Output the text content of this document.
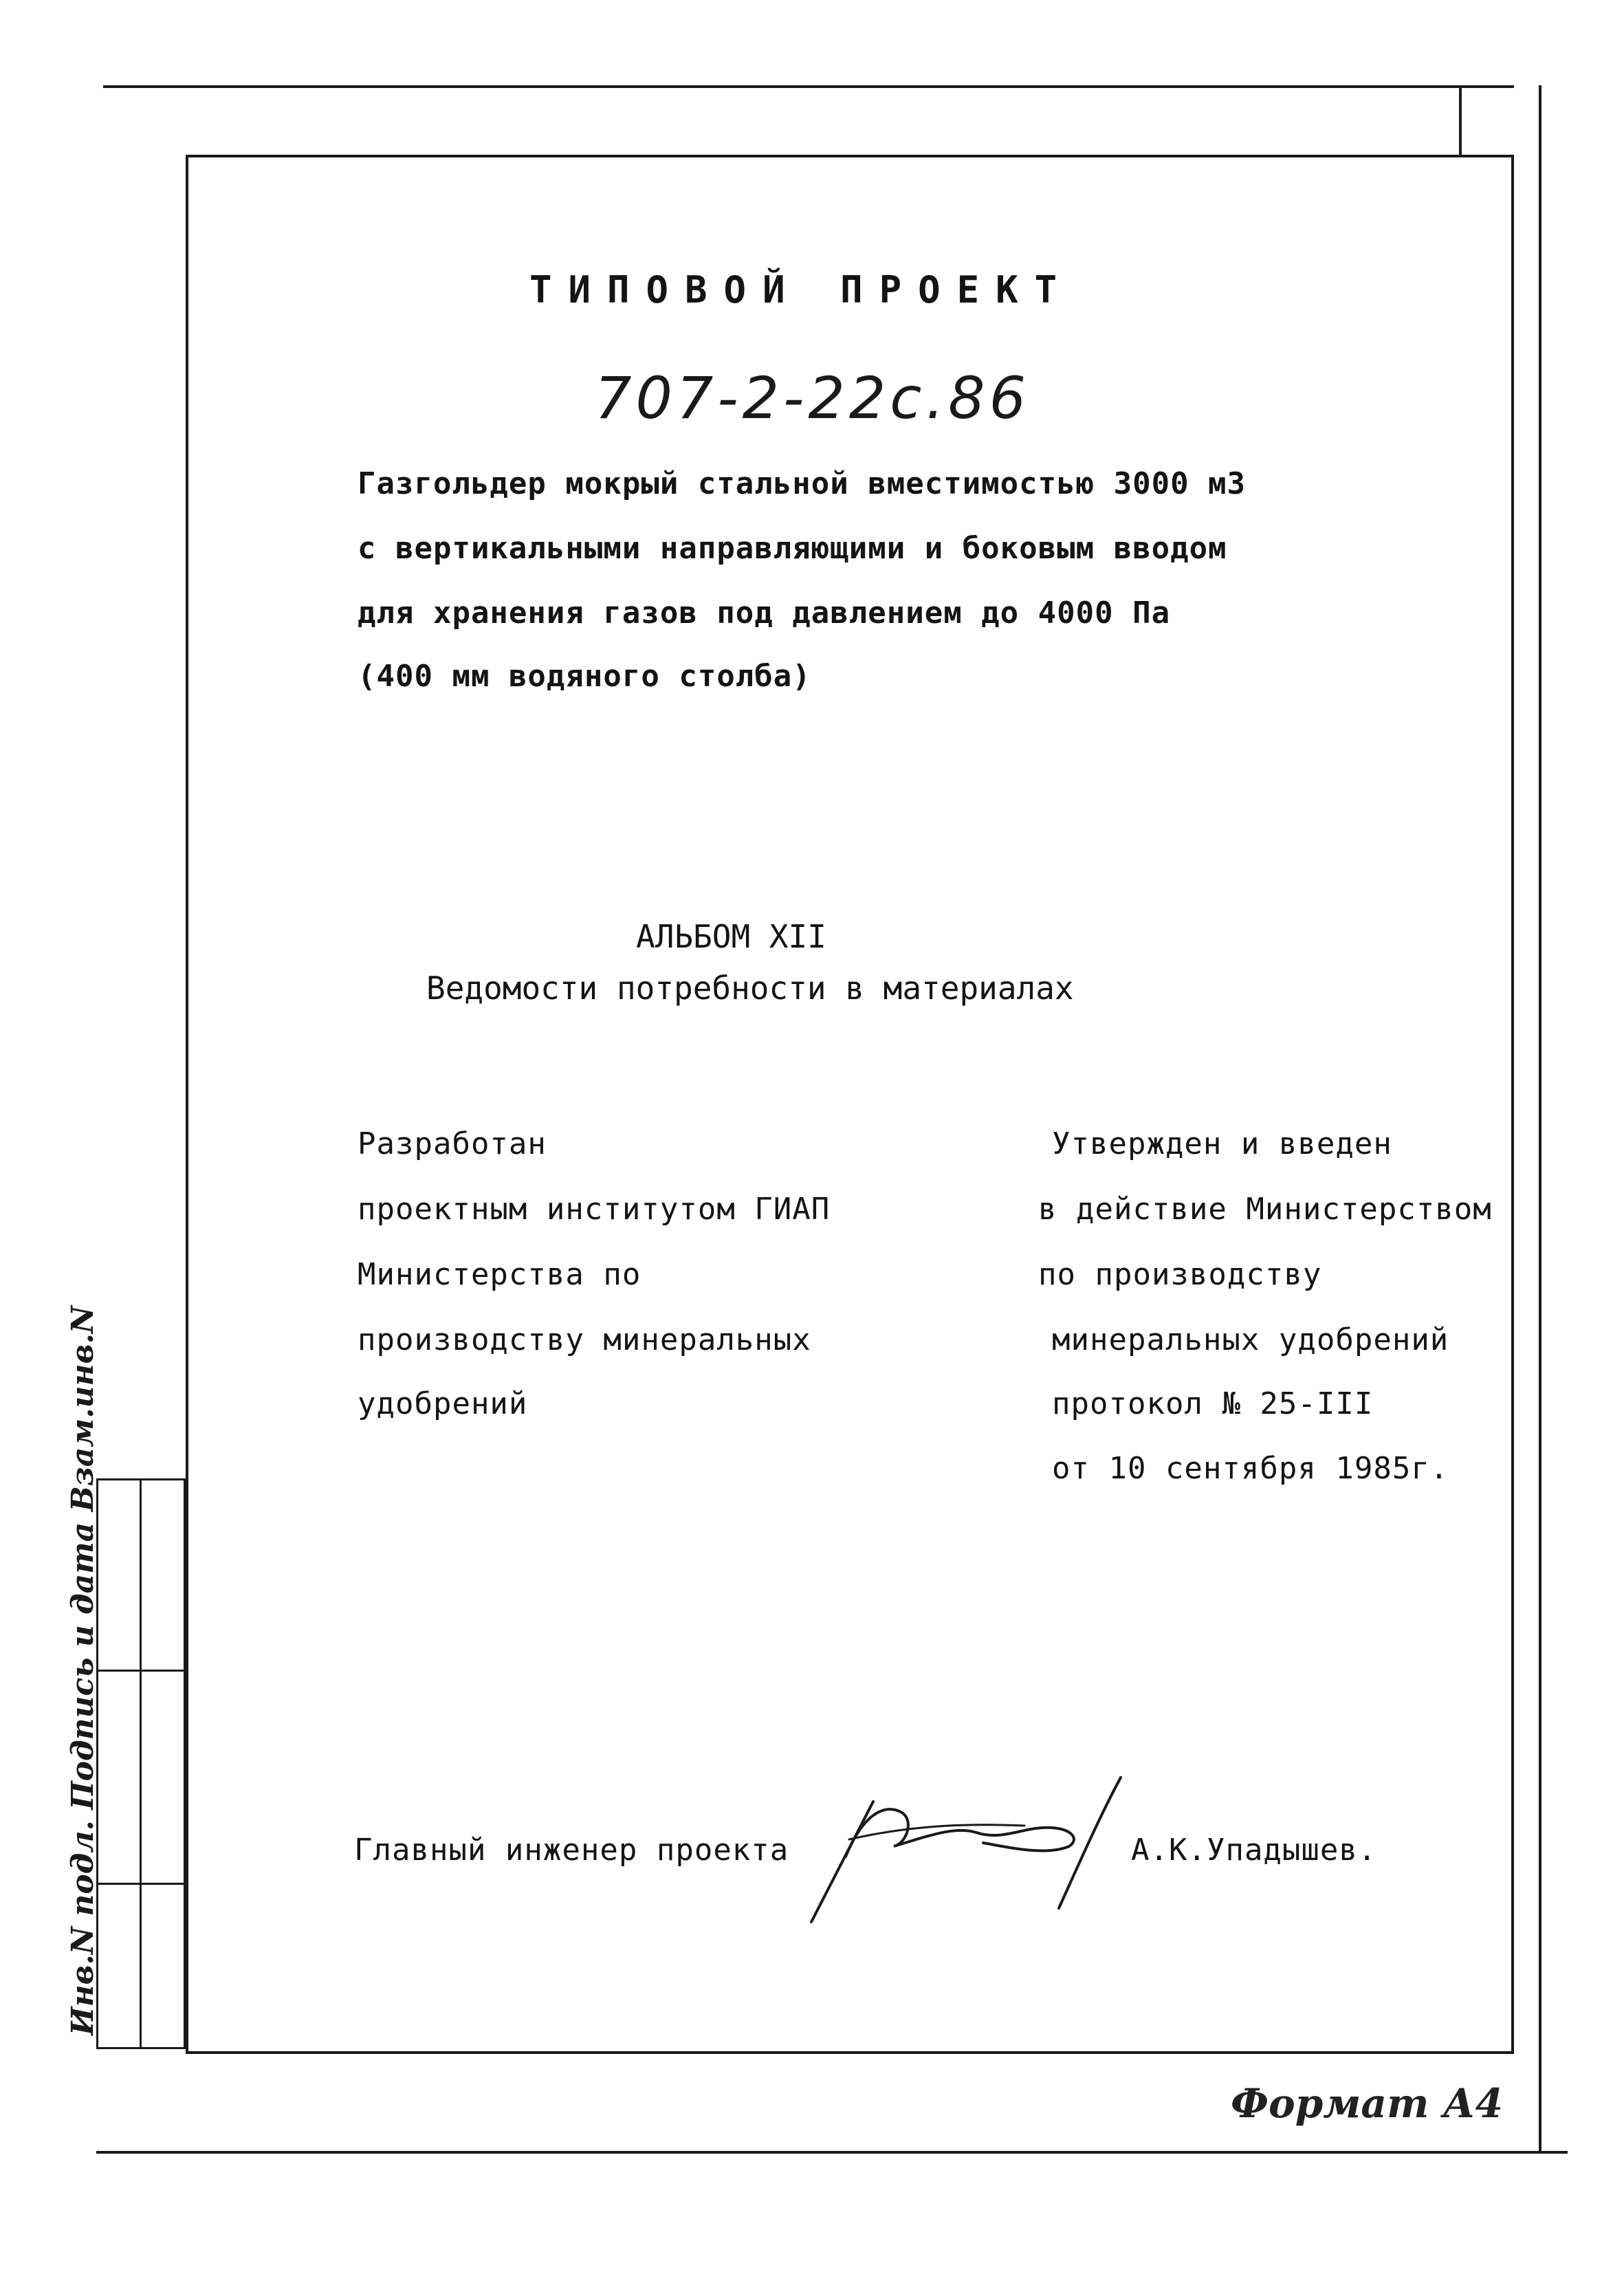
Инв.N подл. Подпись и дата Взам.инв.N
ТИПОВОЙ ПРОЕКТ
707-2-22с.86
Газгольдер мокрый стальной вместимостью 3000 м3
с вертикальными направляющими и боковым вводом
для хранения газов под давлением до 4000 Па
(400 мм водяного столба)
АЛЬБОМ XII
Ведомости потребности в материалах
Разработан
проектным институтом ГИАП
Министерства по
производству минеральных
удобрений
Утвержден и введен
в действие Министерством
по производству
минеральных удобрений
протокол № 25-III
от 10 сентября 1985г.
Главный инженер проекта	А.К.Упадышев.
Формат А4
